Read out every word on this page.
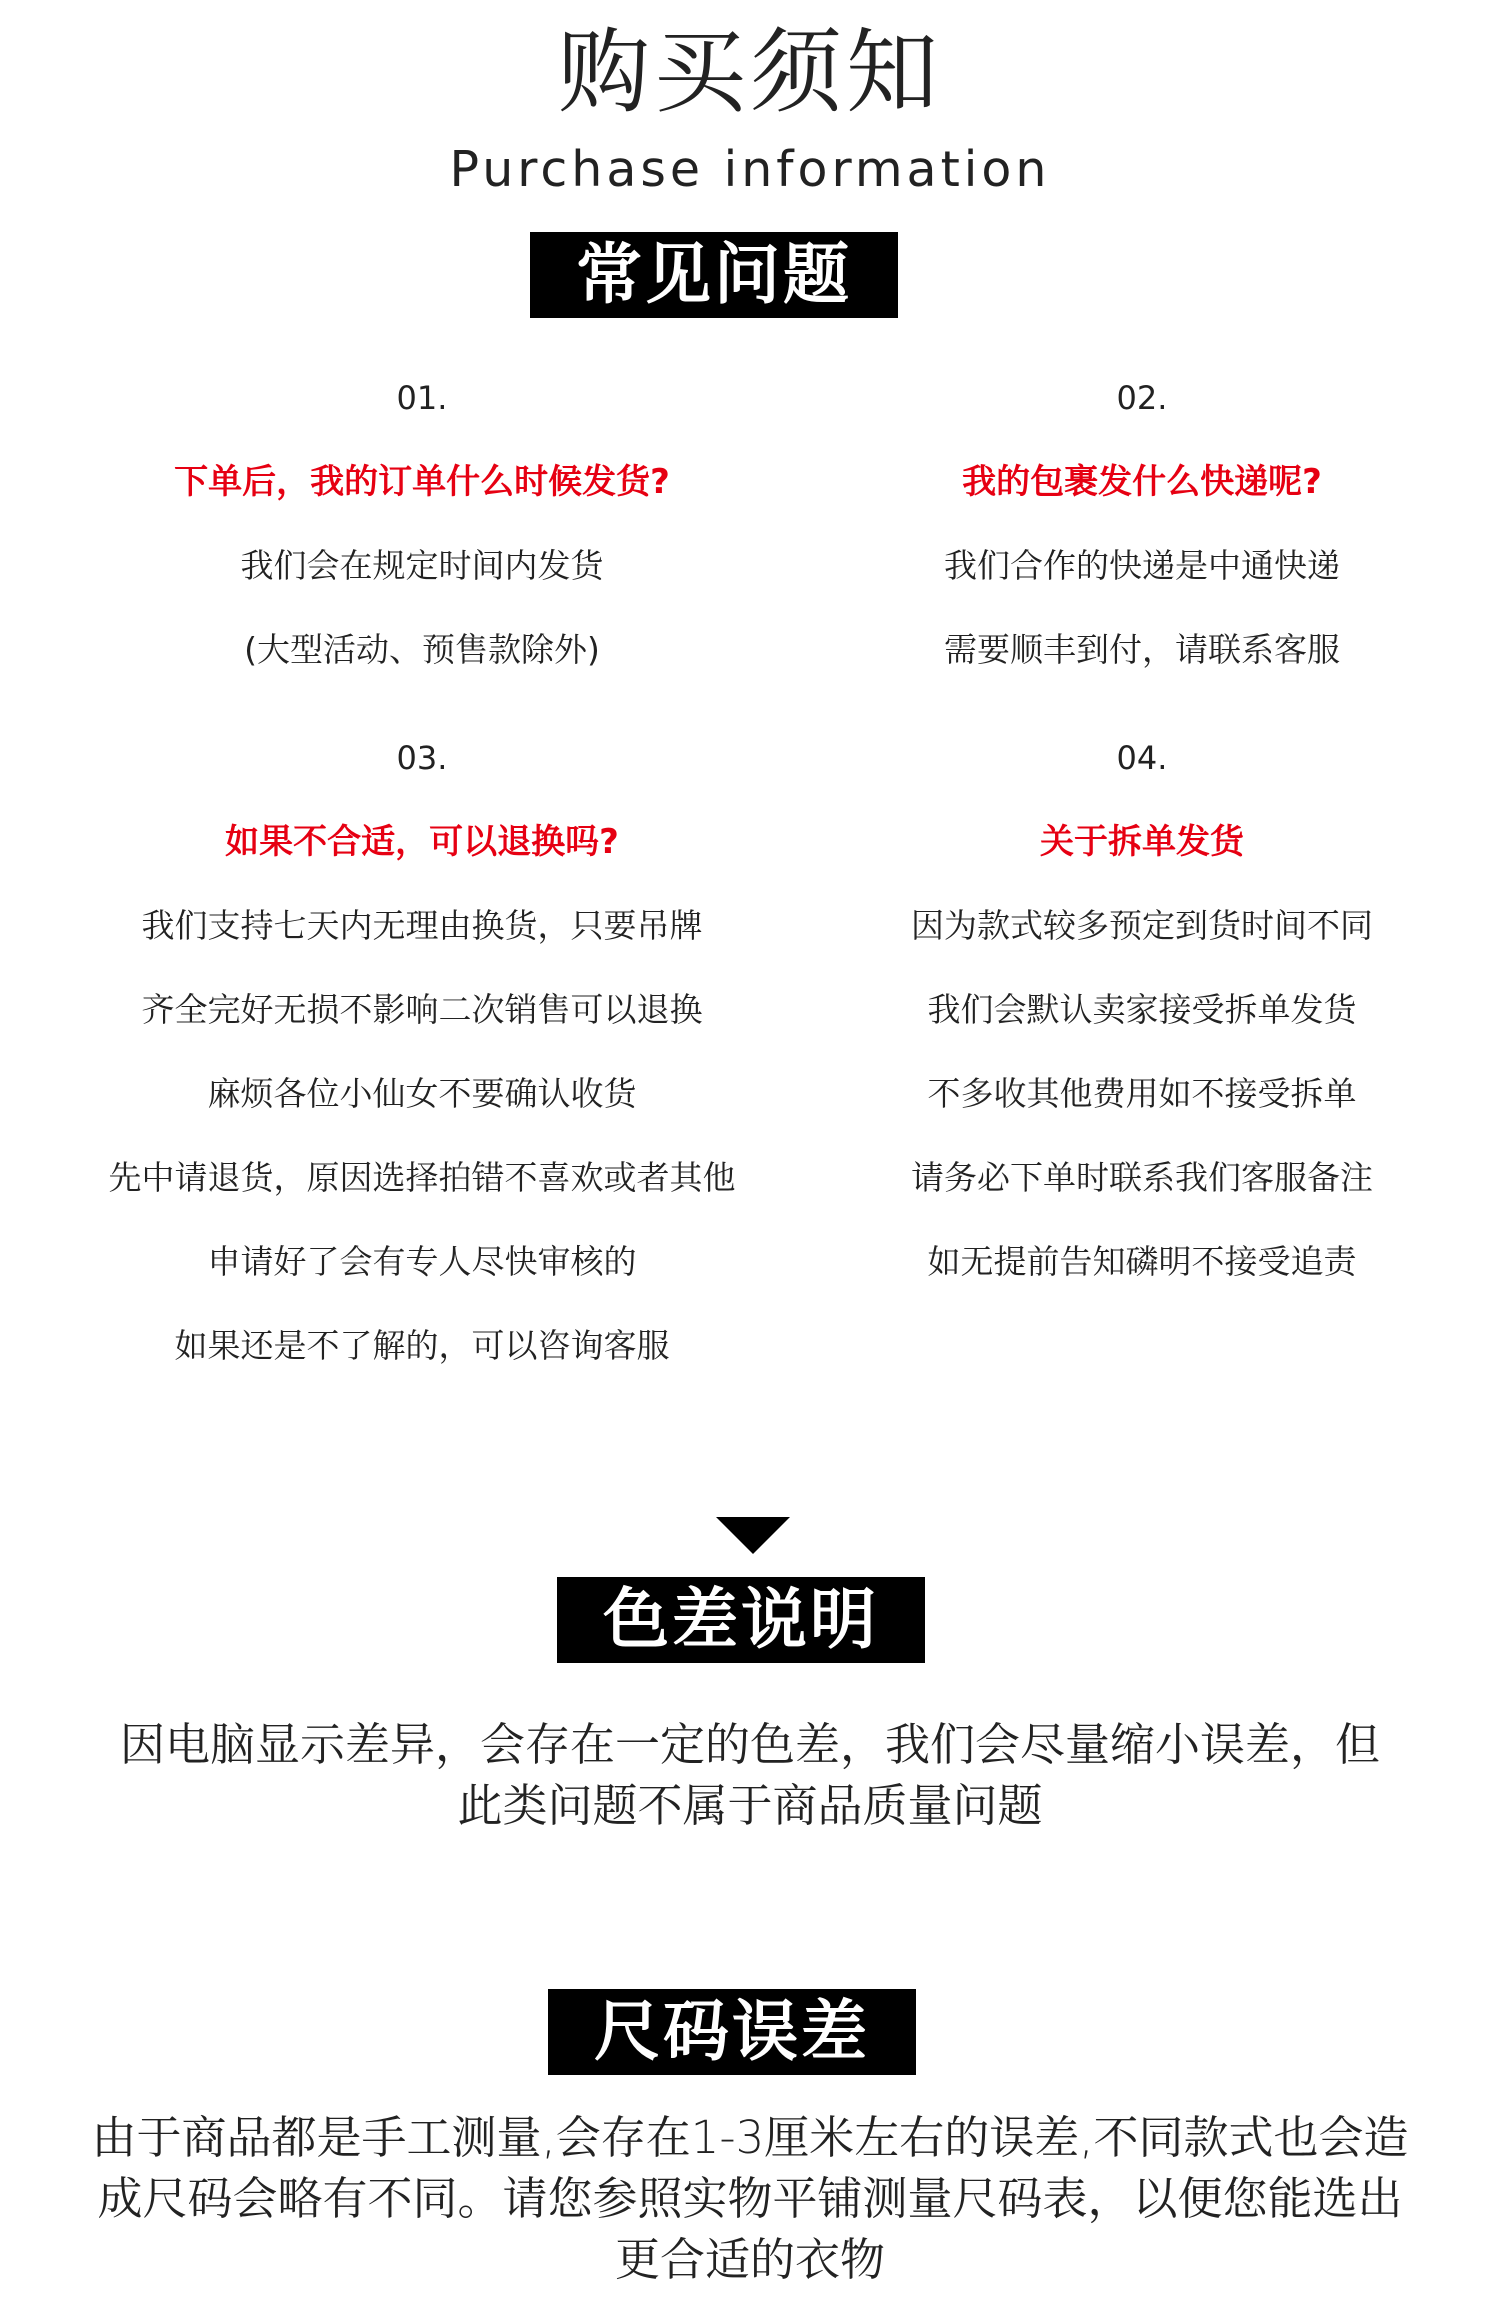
购买须知
Purchase information
常见问题
01.
下单后，我的订单什么时候发货?
我们会在规定时间内发货
(大型活动、预售款除外)
02.
我的包裹发什么快递呢?
我们合作的快递是中通快递
需要顺丰到付，请联系客服
03.
如果不合适，可以退换吗?
我们支持七天内无理由换货，只要吊牌
齐全完好无损不影响二次销售可以退换
麻烦各位小仙女不要确认收货
先中请退货，原因选择拍错不喜欢或者其他
申请好了会有专人尽快审核的
如果还是不了解的，可以咨询客服
04.
关于拆单发货
因为款式较多预定到货时间不同
我们会默认卖家接受拆单发货
不多收其他费用如不接受拆单
请务必下单时联系我们客服备注
如无提前告知磷明不接受追责
色差说明
因电脑显示差异，会存在一定的色差，我们会尽量缩小误差，但此类问题不属于商品质量问题
尺码误差
由于商品都是手工测量,会存在1-3厘米左右的误差,不同款式也会造成尺码会略有不同。请您参照实物平铺测量尺码表，以便您能选出更合适的衣物
